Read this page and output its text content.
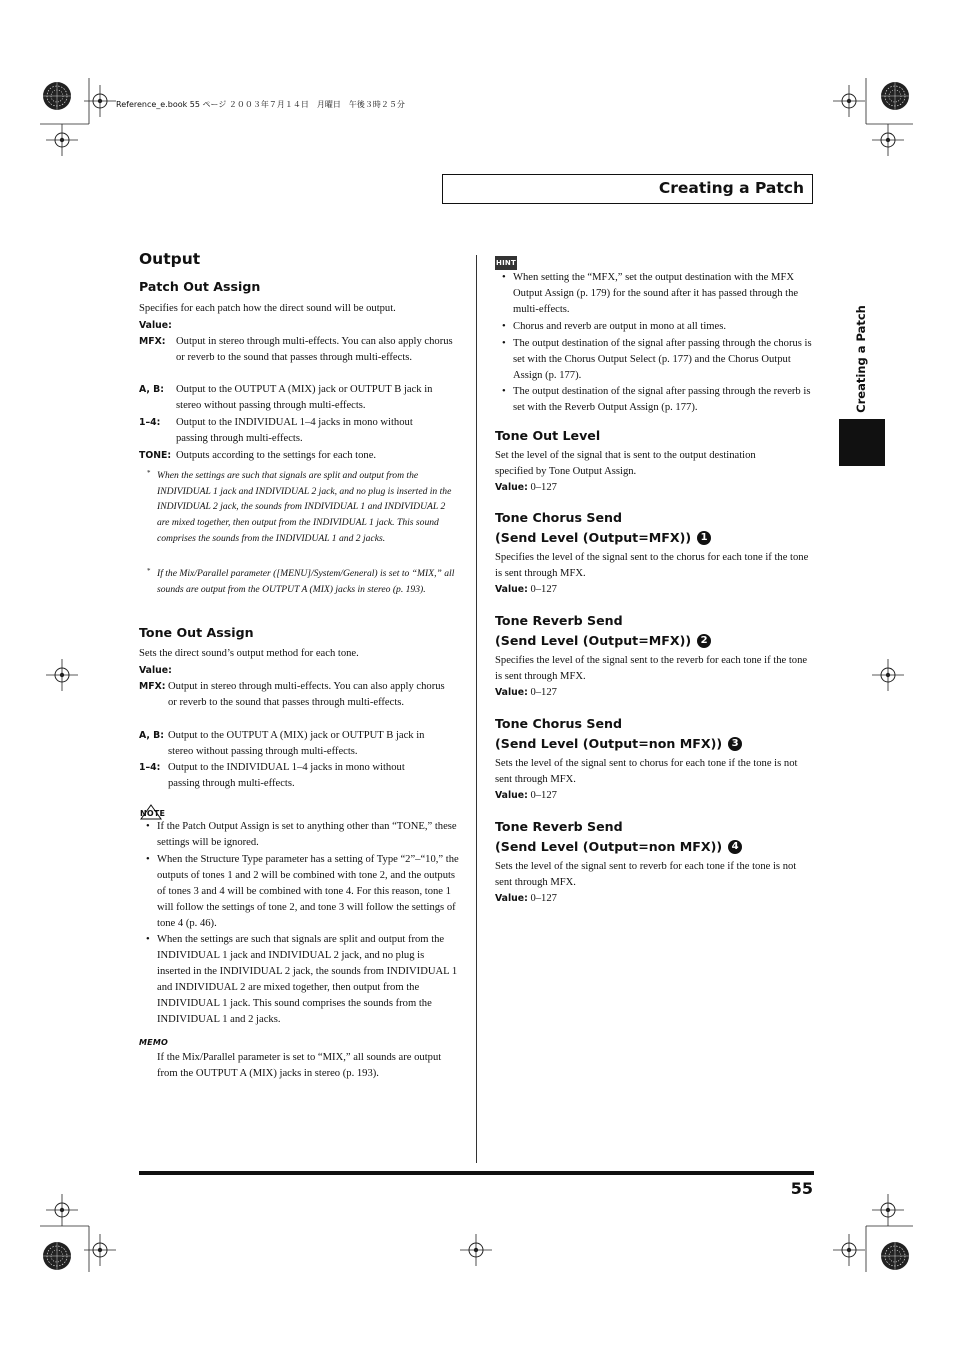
Reference_e.book 55 ページ ２００３年７月１４日　月曜日　午後３時２５分
Creating a Patch
Creating a Patch
Output
Patch Out Assign
Specifies for each patch how the direct sound will be output.
Value:
MFX: Output in stereo through multi-effects. You can also apply chorus or reverb to the sound that passes through multi-effects.
A, B:	Output to the OUTPUT A (MIX) jack or OUTPUT B jack in stereo without passing through multi-effects.
1–4:	Output to the INDIVIDUAL 1–4 jacks in mono without passing through multi-effects.
TONE: Outputs according to the settings for each tone.
* When the settings are such that signals are split and output from the INDIVIDUAL 1 jack and INDIVIDUAL 2 jack, and no plug is inserted in the INDIVIDUAL 2 jack, the sounds from INDIVIDUAL 1 and INDIVIDUAL 2 are mixed together, then output from the INDIVIDUAL 1 jack. This sound comprises the sounds from the INDIVIDUAL 1 and 2 jacks.
* If the Mix/Parallel parameter ([MENU]/System/General) is set to “MIX,” all sounds are output from the OUTPUT A (MIX) jacks in stereo (p. 193).
Tone Out Assign
Sets the direct sound’s output method for each tone.
Value:
MFX: Output in stereo through multi-effects. You can also apply chorus or reverb to the sound that passes through multi-effects.
A, B: Output to the OUTPUT A (MIX) jack or OUTPUT B jack in stereo without passing through multi-effects.
1–4: Output to the INDIVIDUAL 1–4 jacks in mono without passing through multi-effects.
NOTE
• If the Patch Output Assign is set to anything other than “TONE,” these settings will be ignored.
• When the Structure Type parameter has a setting of Type “2”–“10,” the outputs of tones 1 and 2 will be combined with tone 2, and the outputs of tones 3 and 4 will be combined with tone 4. For this reason, tone 1 will follow the settings of tone 2, and tone 3 will follow the settings of tone 4 (p. 46).
• When the settings are such that signals are split and output from the INDIVIDUAL 1 jack and INDIVIDUAL 2 jack, and no plug is inserted in the INDIVIDUAL 2 jack, the sounds from INDIVIDUAL 1 and INDIVIDUAL 2 are mixed together, then output from the INDIVIDUAL 1 jack. This sound comprises the sounds from the INDIVIDUAL 1 and 2 jacks.
MEMO
If the Mix/Parallel parameter is set to “MIX,” all sounds are output from the OUTPUT A (MIX) jacks in stereo (p. 193).
HINT
• When setting the “MFX,” set the output destination with the MFX Output Assign (p. 179) for the sound after it has passed through the multi-effects.
• Chorus and reverb are output in mono at all times.
• The output destination of the signal after passing through the chorus is set with the Chorus Output Select (p. 177) and the Chorus Output Assign (p. 177).
• The output destination of the signal after passing through the reverb is set with the Reverb Output Assign (p. 177).
Tone Out Level
Set the level of the signal that is sent to the output destination specified by Tone Output Assign.
Value: 0–127
Tone Chorus Send
(Send Level (Output=MFX)) 1
Specifies the level of the signal sent to the chorus for each tone if the tone is sent through MFX.
Value: 0–127
Tone Reverb Send
(Send Level (Output=MFX)) 2
Specifies the level of the signal sent to the reverb for each tone if the tone is sent through MFX.
Value: 0–127
Tone Chorus Send
(Send Level (Output=non MFX)) 3
Sets the level of the signal sent to chorus for each tone if the tone is not sent through MFX.
Value: 0–127
Tone Reverb Send
(Send Level (Output=non MFX)) 4
Sets the level of the signal sent to reverb for each tone if the tone is not sent through MFX.
Value: 0–127
55
